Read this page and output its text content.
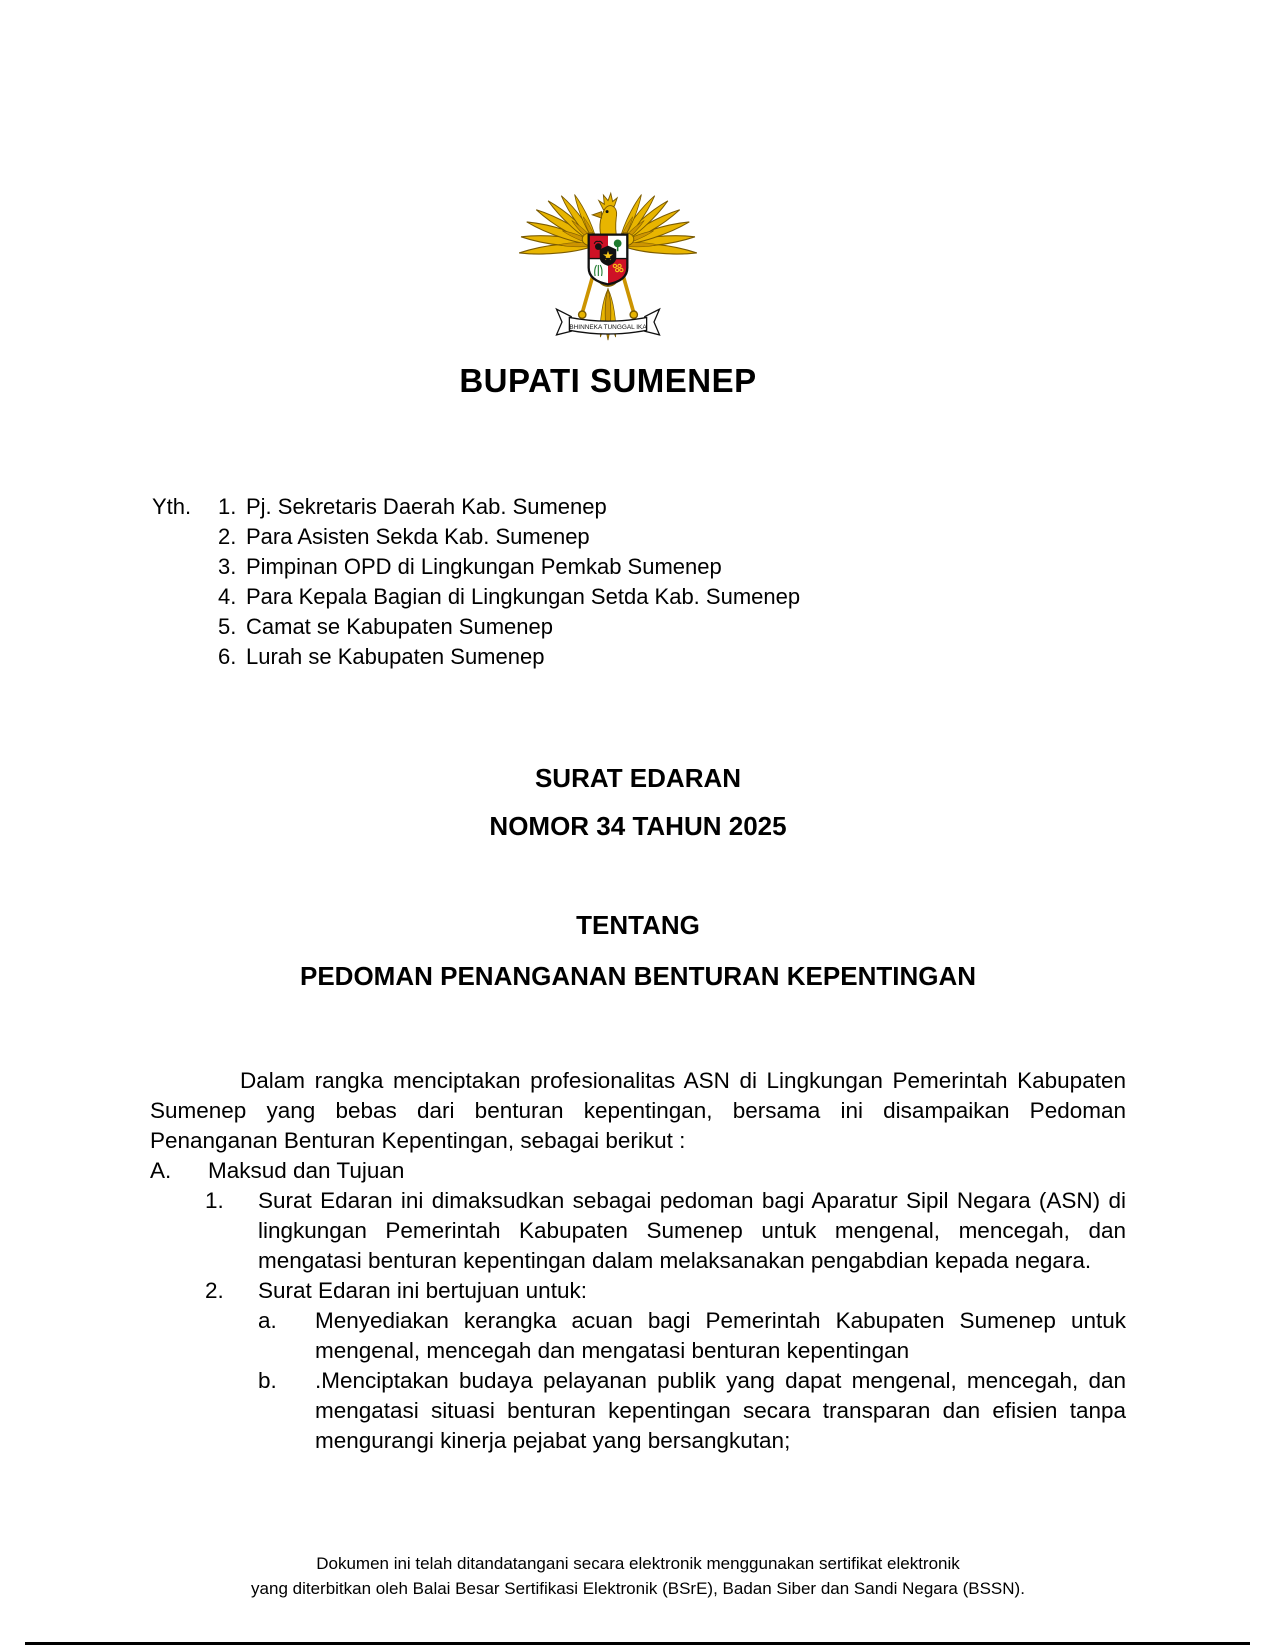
BHINNEKA TUNGGAL IKA
BUPATI SUMENEP
Yth.	1. Pj. Sekretaris Daerah Kab. Sumenep
2. Para Asisten Sekda Kab. Sumenep
3. Pimpinan OPD di Lingkungan Pemkab Sumenep
4. Para Kepala Bagian di Lingkungan Setda Kab. Sumenep
5. Camat se Kabupaten Sumenep
6. Lurah se Kabupaten Sumenep
SURAT EDARAN
NOMOR 34 TAHUN 2025
TENTANG
PEDOMAN PENANGANAN BENTURAN KEPENTINGAN

Dalam rangka menciptakan profesionalitas ASN di Lingkungan Pemerintah Kabupaten Sumenep yang bebas dari benturan kepentingan, bersama ini disampaikan Pedoman Penanganan Benturan Kepentingan, sebagai berikut :

A.	Maksud dan Tujuan
1.	Surat Edaran ini dimaksudkan sebagai pedoman bagi Aparatur Sipil Negara (ASN) di lingkungan Pemerintah Kabupaten Sumenep untuk mengenal, mencegah, dan mengatasi benturan kepentingan dalam melaksanakan pengabdian kepada negara.
2.	Surat Edaran ini bertujuan untuk:
a.	Menyediakan kerangka acuan bagi Pemerintah Kabupaten Sumenep untuk mengenal, mencegah dan mengatasi benturan kepentingan
b.	.Menciptakan budaya pelayanan publik yang dapat mengenal, mencegah, dan mengatasi situasi benturan kepentingan secara transparan dan efisien tanpa mengurangi kinerja pejabat yang bersangkutan;
Dokumen ini telah ditandatangani secara elektronik menggunakan sertifikat elektronik
yang diterbitkan oleh Balai Besar Sertifikasi Elektronik (BSrE), Badan Siber dan Sandi Negara (BSSN).
